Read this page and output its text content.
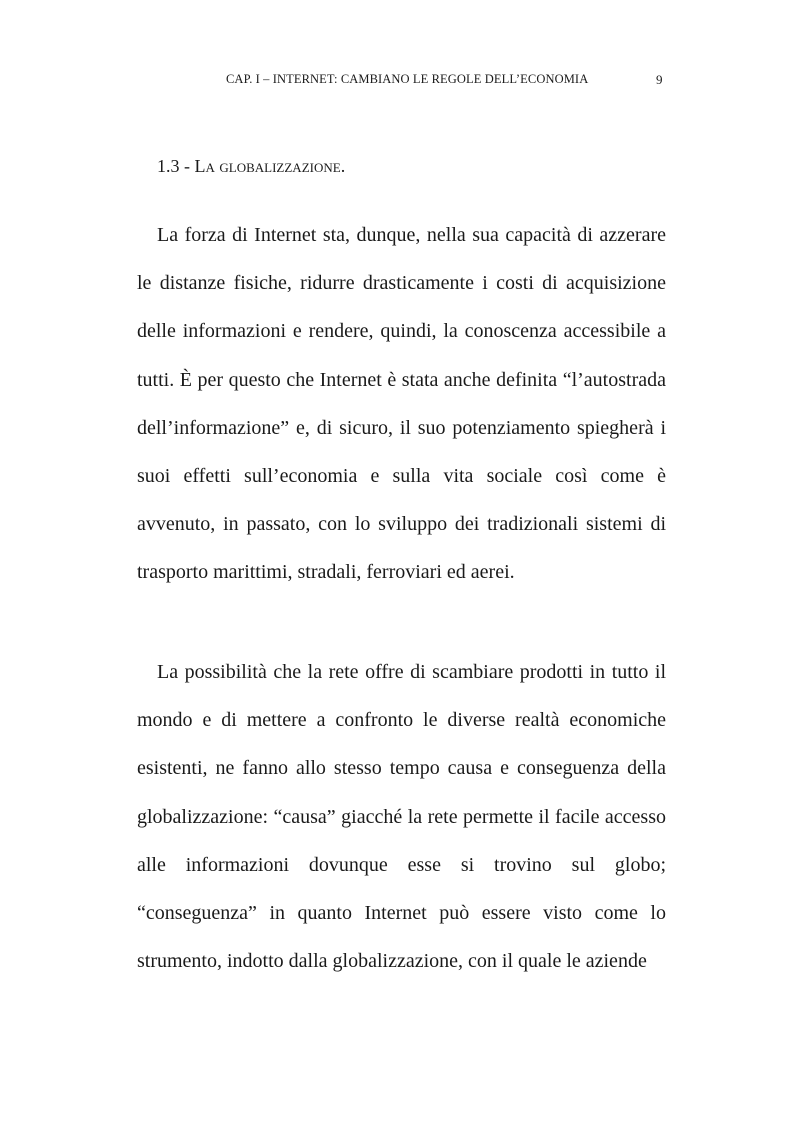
CAP. I – INTERNET: CAMBIANO LE REGOLE DELL’ECONOMIA	9
1.3 - La globalizzazione.

La forza di Internet sta, dunque, nella sua capacità di azzerare le distanze fisiche, ridurre drasticamente i costi di acquisizione delle informazioni e rendere, quindi, la conoscenza accessibile a tutti. È per questo che Internet è stata anche definita “l’autostrada dell’informazione” e, di sicuro, il suo potenziamento spiegherà i suoi effetti sull’economia e sulla vita sociale così come è avvenuto, in passato, con lo sviluppo dei tradizionali sistemi di trasporto marittimi, stradali, ferroviari ed aerei.

La possibilità che la rete offre di scambiare prodotti in tutto il mondo e di mettere a confronto le diverse realtà economiche esistenti, ne fanno allo stesso tempo causa e conseguenza della globalizzazione: “causa” giacché la rete permette il facile accesso alle informazioni dovunque esse si trovino sul globo; “conseguenza” in quanto Internet può essere visto come lo strumento, indotto dalla globalizzazione, con il quale le aziende
